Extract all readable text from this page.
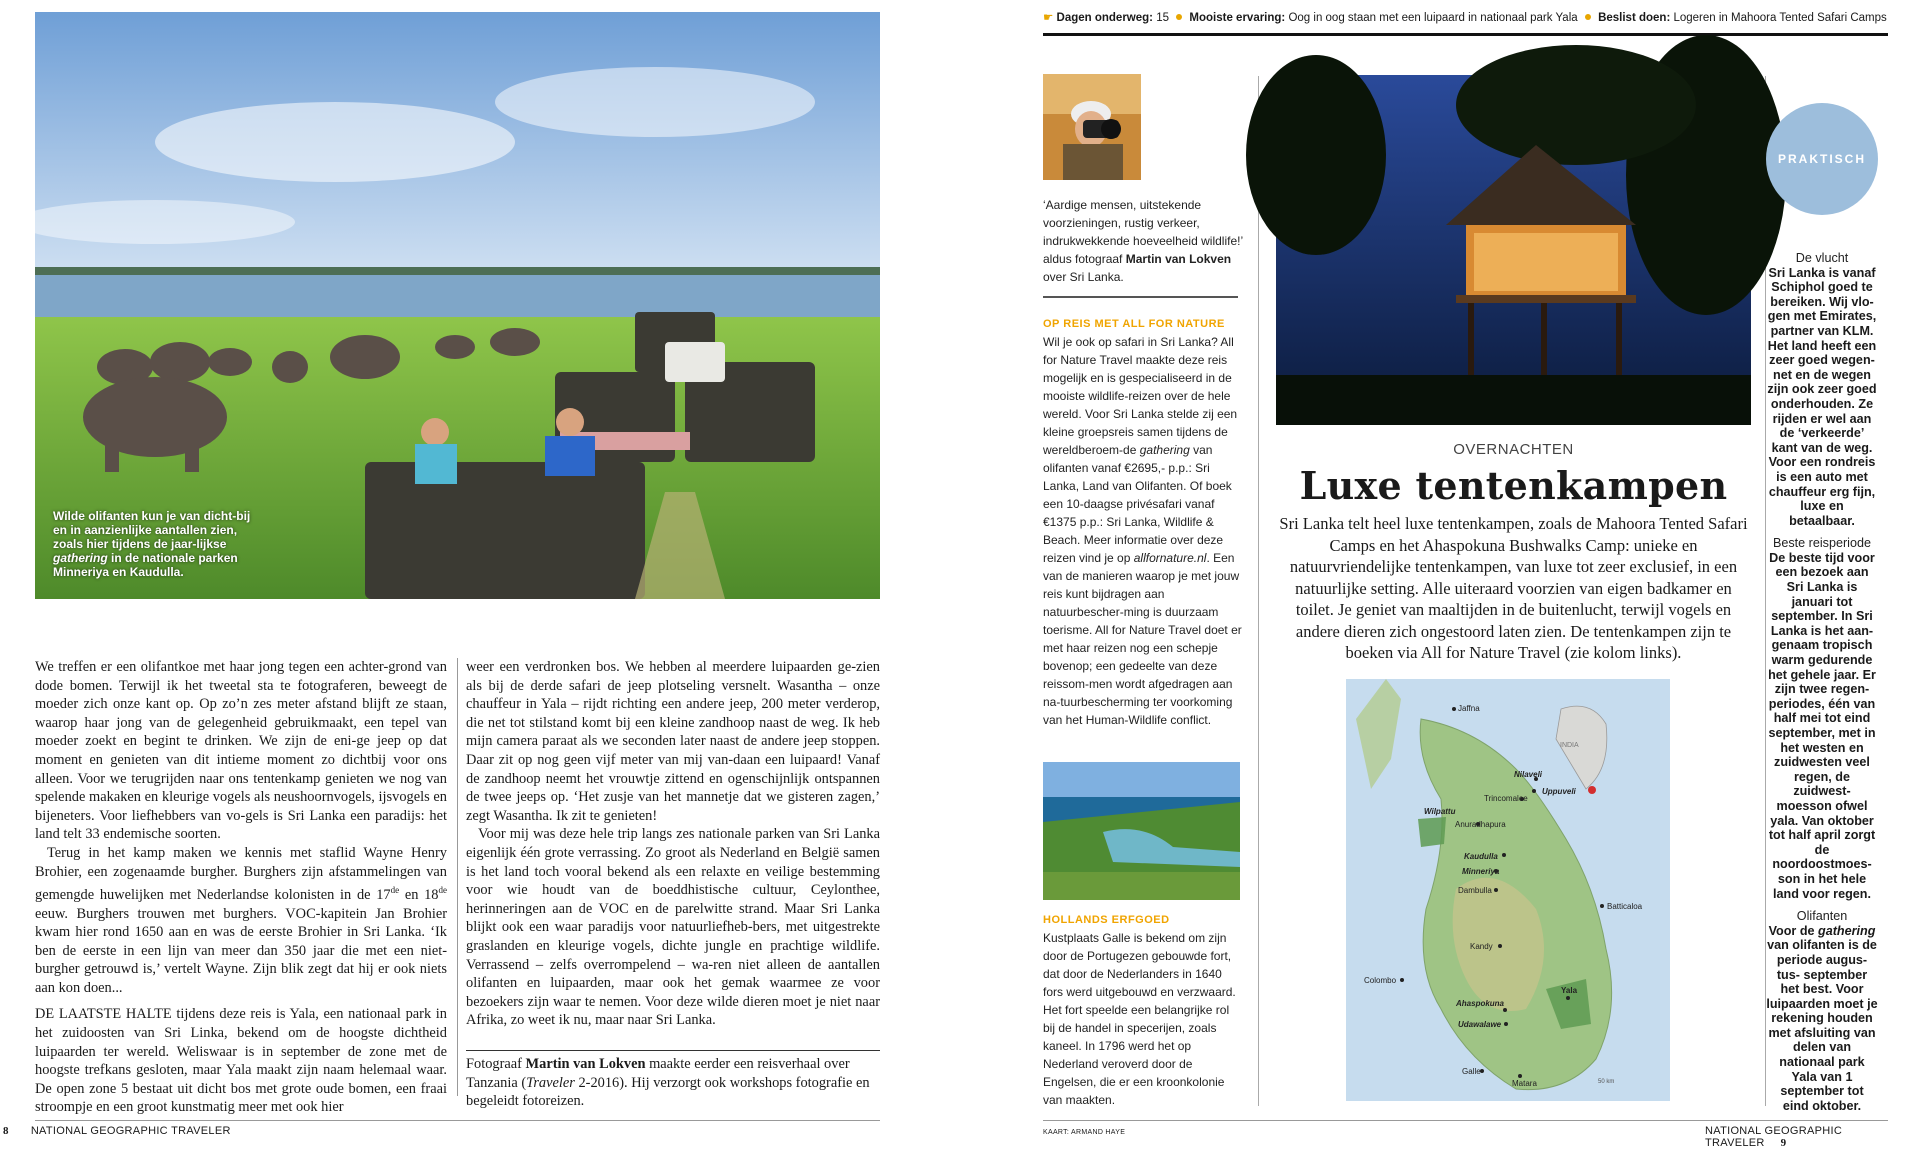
Wilde olifanten kun je van dicht-bij en in aanzienlijke aantallen zien, zoals hier tijdens de jaar-lijkse gathering in de nationale parken Minneriya en Kaudulla.

We treffen er een olifantkoe met haar jong tegen een achter-grond van dode bomen. Terwijl ik het tweetal sta te fotograferen, beweegt de moeder zich onze kant op. Op zo’n zes meter afstand blijft ze staan, waarop haar jong van de gelegenheid gebruikmaakt, een tepel van moeder zoekt en begint te drinken. We zijn de eni-ge jeep op dat moment en genieten van dit intieme moment zo dichtbij voor ons alleen. Voor we terugrijden naar ons tentenkamp genieten we nog van spelende makaken en kleurige vogels als neushoornvogels, ijsvogels en bijeneters. Voor liefhebbers van vo-gels is Sri Lanka een paradijs: het land telt 33 endemische soorten.

Terug in het kamp maken we kennis met staflid Wayne Henry Brohier, een zogenaamde burgher. Burghers zijn afstammelingen van gemengde huwelijken met Nederlandse kolonisten in de 17de en 18de eeuw. Burghers trouwen met burghers. VOC-kapitein Jan Brohier kwam hier rond 1650 aan en was de eerste Brohier in Sri Lanka. ‘Ik ben de eerste in een lijn van meer dan 350 jaar die met een niet-burgher getrouwd is,’ vertelt Wayne. Zijn blik zegt dat hij er ook niets aan kon doen...

DE LAATSTE HALTE tijdens deze reis is Yala, een nationaal park in het zuidoosten van Sri Linka, bekend om de hoogste dichtheid luipaarden ter wereld. Weliswaar is in september de zone met de hoogste trefkans gesloten, maar Yala maakt zijn naam helemaal waar. De open zone 5 bestaat uit dicht bos met grote oude bomen, een fraai stroompje en een groot kunstmatig meer met ook hier

weer een verdronken bos. We hebben al meerdere luipaarden ge-zien als bij de derde safari de jeep plotseling versnelt. Wasantha – onze chauffeur in Yala – rijdt richting een andere jeep, 200 meter verderop, die net tot stilstand komt bij een kleine zandhoop naast de weg. Ik heb mijn camera paraat als we seconden later naast de andere jeep stoppen. Daar zit op nog geen vijf meter van mij van-daan een luipaard! Vanaf de zandhoop neemt het vrouwtje zittend en ogenschijnlijk ontspannen de twee jeeps op. ‘Het zusje van het mannetje dat we gisteren zagen,’ zegt Wasantha. Ik zit te genieten!

Voor mij was deze hele trip langs zes nationale parken van Sri Lanka eigenlijk één grote verrassing. Zo groot als Nederland en België samen is het land toch vooral bekend als een relaxte en veilige bestemming voor wie houdt van de boeddhistische cultuur, Ceylonthee, herinneringen aan de VOC en de parelwitte strand. Maar Sri Lanka blijkt ook een waar paradijs voor natuurliefheb-bers, met uitgestrekte graslanden en kleurige vogels, dichte jungle en prachtige wildlife. Verrassend – zelfs overrompelend – wa-ren niet alleen de aantallen olifanten en luipaarden, maar ook het gemak waarmee ze voor bezoekers zijn waar te nemen. Voor deze wilde dieren moet je niet naar Afrika, zo weet ik nu, maar naar Sri Lanka.

Fotograaf Martin van Lokven maakte eerder een reisverhaal over Tanzania (Traveler 2-2016). Hij verzorgt ook workshops fotografie en begeleidt fotoreizen.
8 NATIONAL GEOGRAPHIC TRAVELER
☛ Dagen onderweg: 15 Mooiste ervaring: Oog in oog staan met een luipaard in nationaal park Yala Beslist doen: Logeren in Mahoora Tented Safari Camps
‘Aardige mensen, uitstekende voorzieningen, rustig verkeer, indrukwekkende hoeveelheid wildlife!’ aldus fotograaf Martin van Lokven over Sri Lanka.
OP REIS MET ALL FOR NATURE
Wil je ook op safari in Sri Lanka? All for Nature Travel maakte deze reis mogelijk en is gespecialiseerd in de mooiste wildlife-reizen over de hele wereld. Voor Sri Lanka stelde zij een kleine groepsreis samen tijdens de wereldberoem-de gathering van olifanten vanaf €2695,- p.p.: Sri Lanka, Land van Olifanten. Of boek een 10-daagse privésafari vanaf €1375 p.p.: Sri Lanka, Wildlife & Beach. Meer informatie over deze reizen vind je op allfornature.nl. Een van de manieren waarop je met jouw reis kunt bijdragen aan natuurbescher-ming is duurzaam toerisme. All for Nature Travel doet er met haar reizen nog een schepje bovenop; een gedeelte van deze reissom-men wordt afgedragen aan na-tuurbescherming ter voorkoming van het Human-Wildlife conflict.
HOLLANDS ERFGOED
Kustplaats Galle is bekend om zijn door de Portugezen gebouwde fort, dat door de Nederlanders in 1640 fors werd uitgebouwd en verzwaard. Het fort speelde een belangrijke rol bij de handel in specerijen, zoals kaneel. In 1796 werd het op Nederland veroverd door de Engelsen, die er een kroonkolonie van maakten.
OVERNACHTEN
Luxe tentenkampen
Sri Lanka telt heel luxe tentenkampen, zoals de Mahoora Tented Safari Camps en het Ahaspokuna Bushwalks Camp: unieke en natuurvriendelijke tentenkampen, van luxe tot zeer exclusief, in een natuurlijke setting. Alle uiteraard voorzien van eigen badkamer en toilet. Je geniet van maaltijden in de buitenlucht, terwijl vogels en andere dieren zich ongestoord laten zien. De tentenkampen zijn te boeken via All for Nature Travel (zie kolom links).
INDIA
Jaffna
Nilaveli
Uppuveli
Trincomalee
Wilpattu
Anuradhapura
Kaudulla
Minneriya
Dambulla
Batticaloa
Kandy
Colombo
Ahaspokuna
Udawalawe
Yala
Galle
Matara	50 km
PRAKTISCH
De vlucht
Sri Lanka is vanaf Schiphol goed te bereiken. Wij vlo-gen met Emirates, partner van KLM. Het land heeft een zeer goed wegen-net en de wegen zijn ook zeer goed onderhouden. Ze rijden er wel aan de ‘verkeerde’ kant van de weg. Voor een rondreis is een auto met chauffeur erg fijn, luxe en betaalbaar.
Beste reisperiode
De beste tijd voor een bezoek aan Sri Lanka is januari tot september. In Sri Lanka is het aan-genaam tropisch warm gedurende het gehele jaar. Er zijn twee regen-periodes, één van half mei tot eind september, met in het westen en zuidwesten veel regen, de zuidwest-moesson ofwel yala. Van oktober tot half april zorgt de noordoostmoes-son in het hele land voor regen.
Olifanten
Voor de gathering van olifanten is de periode augus-tus- september het best. Voor luipaarden moet je rekening houden met afsluiting van delen van nationaal park Yala van 1 september tot eind oktober.
KAART: ARMAND HAYE	NATIONAL GEOGRAPHIC TRAVELER 9
